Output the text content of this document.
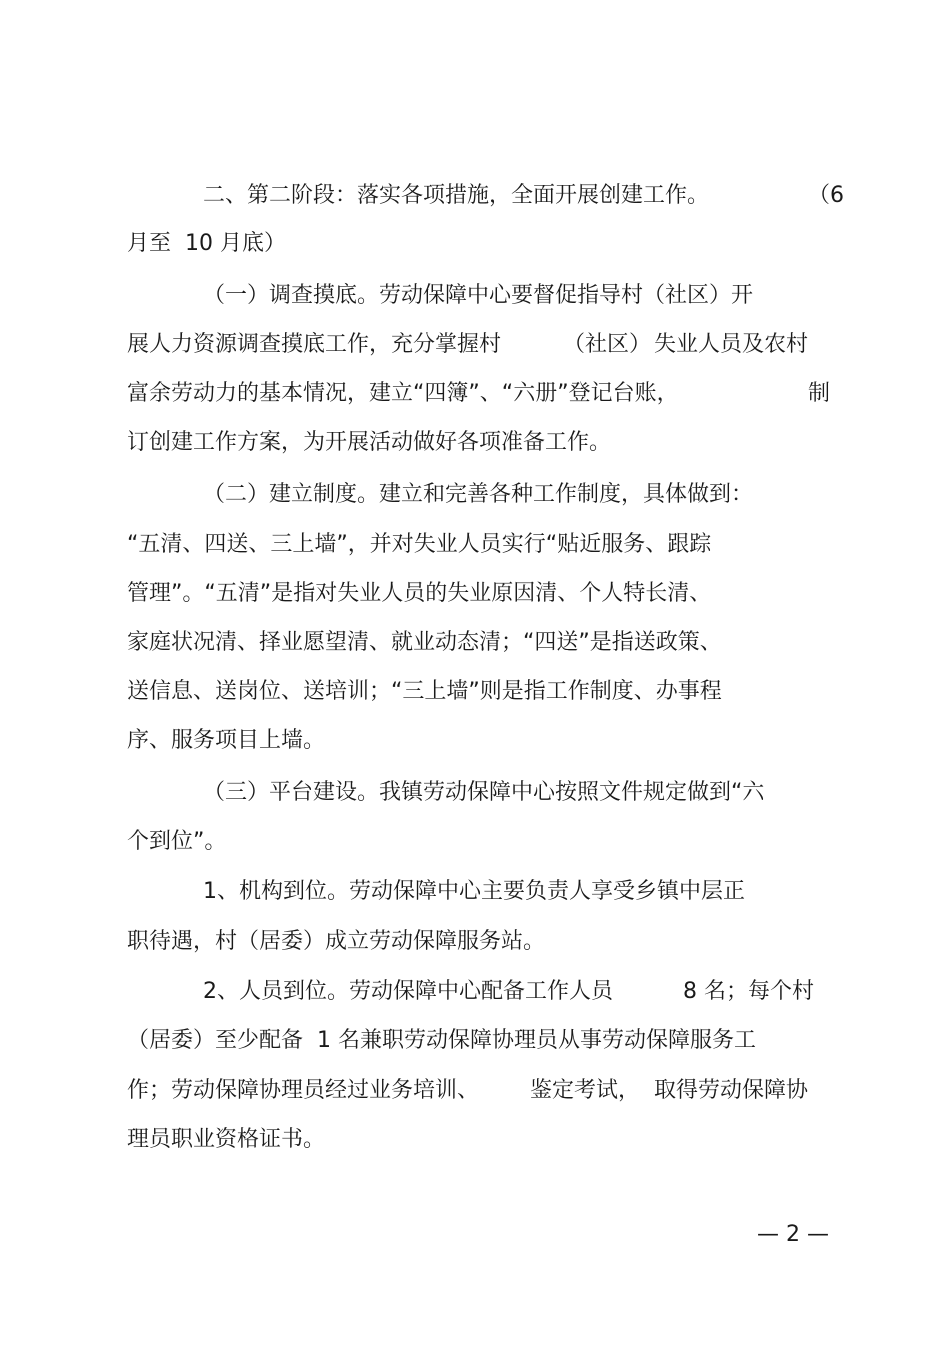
二、第二阶段：落实各项措施，全面开展创建工作。	（6
月至  10 月底）
（一）调查摸底。劳动保障中心要督促指导村（社区）开
展人力资源调查摸底工作，充分掌握村	（社区） 失业人员及农村
富余劳动力的基本情况，建立“四簿”、“六册”登记台账，	制
订创建工作方案，为开展活动做好各项准备工作。
（二）建立制度。建立和完善各种工作制度，具体做到：
“五清、四送、三上墙”，并对失业人员实行“贴近服务、跟踪
管理”。“五清”是指对失业人员的失业原因清、个人特长清、
家庭状况清、择业愿望清、就业动态清；“四送”是指送政策、
送信息、送岗位、送培训；“三上墙”则是指工作制度、办事程
序、服务项目上墙。
（三）平台建设。我镇劳动保障中心按照文件规定做到“六
个到位”。
1、机构到位。劳动保障中心主要负责人享受乡镇中层正
职待遇，村（居委）成立劳动保障服务站。
2、人员到位。劳动保障中心配备工作人员	8 名；每个村
（居委）至少配备  1 名兼职劳动保障协理员从事劳动保障服务工
作；劳动保障协理员经过业务培训、 鉴定考试， 取得劳动保障协
理员职业资格证书。
— 2 —
